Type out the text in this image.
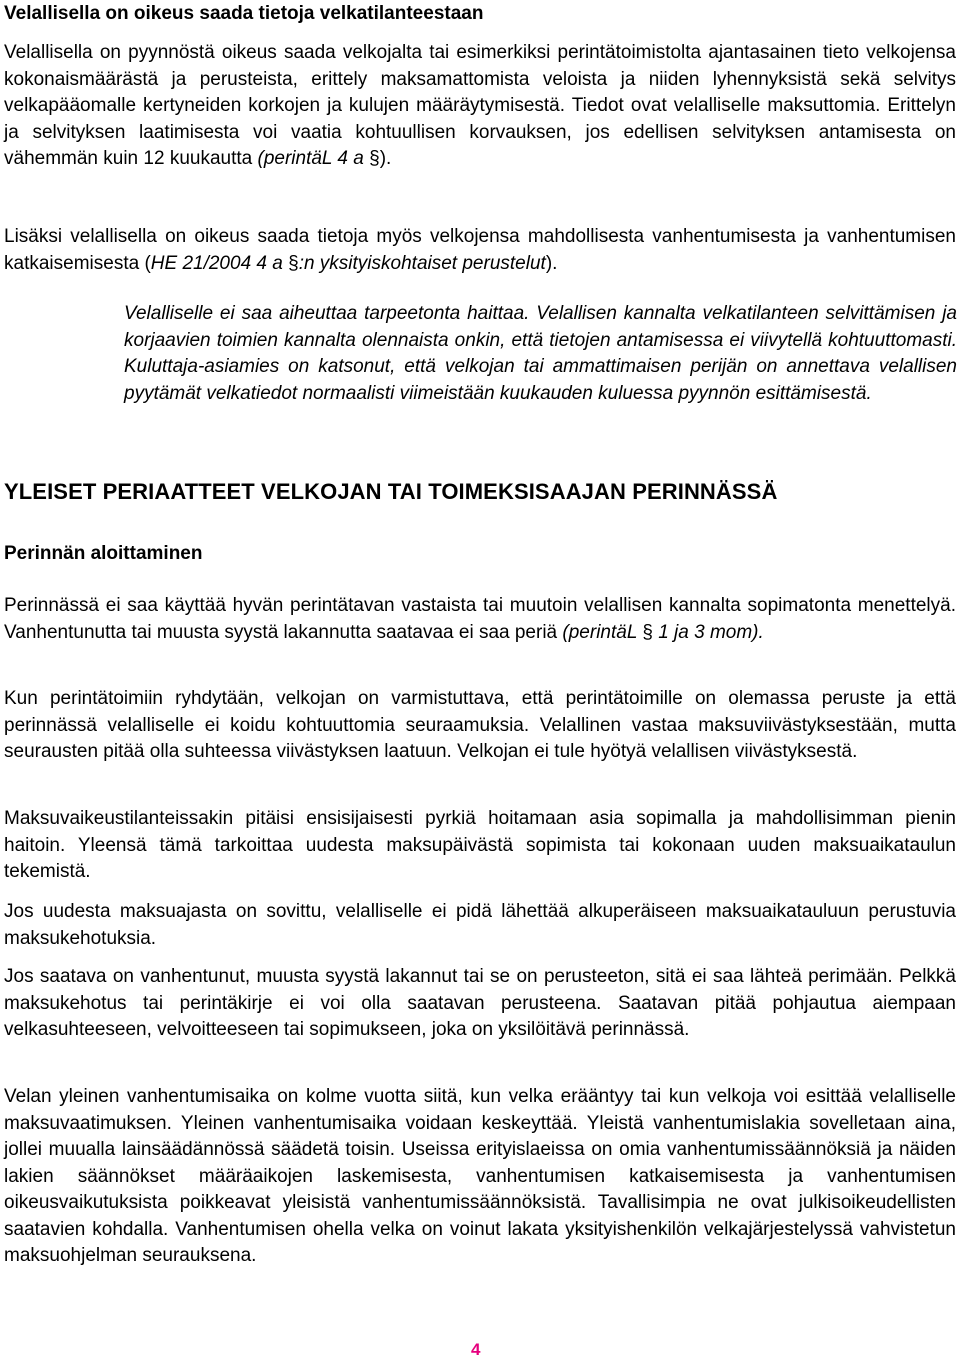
Velallisella on oikeus saada tietoja velkatilanteestaan

Velallisella on pyynnöstä oikeus saada velkojalta tai esimerkiksi perintätoimistolta ajantasainen tieto velkojensa kokonaismäärästä ja perusteista, erittely maksamattomista veloista ja niiden lyhennyksistä sekä selvitys velkapääomalle kertyneiden korkojen ja kulujen määräytymisestä. Tiedot ovat velalliselle maksuttomia. Erittelyn ja selvityksen laatimisesta voi vaatia kohtuullisen korvauksen, jos edellisen selvityksen antamisesta on vähemmän kuin 12 kuukautta (perintäL 4 a §).

Lisäksi velallisella on oikeus saada tietoja myös velkojensa mahdollisesta vanhentumisesta ja vanhentumisen katkaisemisesta (HE 21/2004 4 a §:n yksityiskohtaiset perustelut).

Velalliselle ei saa aiheuttaa tarpeetonta haittaa. Velallisen kannalta velkatilanteen selvittämisen ja korjaavien toimien kannalta olennaista onkin, että tietojen antamisessa ei viivytellä kohtuuttomasti. Kuluttaja-asiamies on katsonut, että velkojan tai ammattimaisen perijän on annettava velallisen pyytämät velkatiedot normaalisti viimeistään kuukauden kuluessa pyynnön esittämisestä.

YLEISET PERIAATTEET VELKOJAN TAI TOIMEKSISAAJAN PERINNÄSSÄ
Perinnän aloittaminen

Perinnässä ei saa käyttää hyvän perintätavan vastaista tai muutoin velallisen kannalta sopimatonta menettelyä. Vanhentunutta tai muusta syystä lakannutta saatavaa ei saa periä (perintäL § 1 ja 3 mom).

Kun perintätoimiin ryhdytään, velkojan on varmistuttava, että perintätoimille on olemassa peruste ja että perinnässä velalliselle ei koidu kohtuuttomia seuraamuksia. Velallinen vastaa maksuviivästyksestään, mutta seurausten pitää olla suhteessa viivästyksen laatuun. Velkojan ei tule hyötyä velallisen viivästyksestä.

Maksuvaikeustilanteissakin pitäisi ensisijaisesti pyrkiä hoitamaan asia sopimalla ja mahdollisimman pienin haitoin. Yleensä tämä tarkoittaa uudesta maksupäivästä sopimista tai kokonaan uuden maksuaikataulun tekemistä.

Jos uudesta maksuajasta on sovittu, velalliselle ei pidä lähettää alkuperäiseen maksuaikatauluun perustuvia maksukehotuksia.

Jos saatava on vanhentunut, muusta syystä lakannut tai se on perusteeton, sitä ei saa lähteä perimään. Pelkkä maksukehotus tai perintäkirje ei voi olla saatavan perusteena. Saatavan pitää pohjautua aiempaan velkasuhteeseen, velvoitteeseen tai sopimukseen, joka on yksilöitävä perinnässä.

Velan yleinen vanhentumisaika on kolme vuotta siitä, kun velka erääntyy tai kun velkoja voi esittää velalliselle maksuvaatimuksen. Yleinen vanhentumisaika voidaan keskeyttää. Yleistä vanhentumislakia sovelletaan aina, jollei muualla lainsäädännössä säädetä toisin. Useissa erityislaeissa on omia vanhentumissäännöksiä ja näiden lakien säännökset määräaikojen laskemisesta, vanhentumisen katkaisemisesta ja vanhentumisen oikeusvaikutuksista poikkeavat yleisistä vanhentumissäännöksistä. Tavallisimpia ne ovat julkisoikeudellisten saatavien kohdalla. Vanhentumisen ohella velka on voinut lakata yksityishenkilön velkajärjestelyssä vahvistetun maksuohjelman seurauksena.

4
